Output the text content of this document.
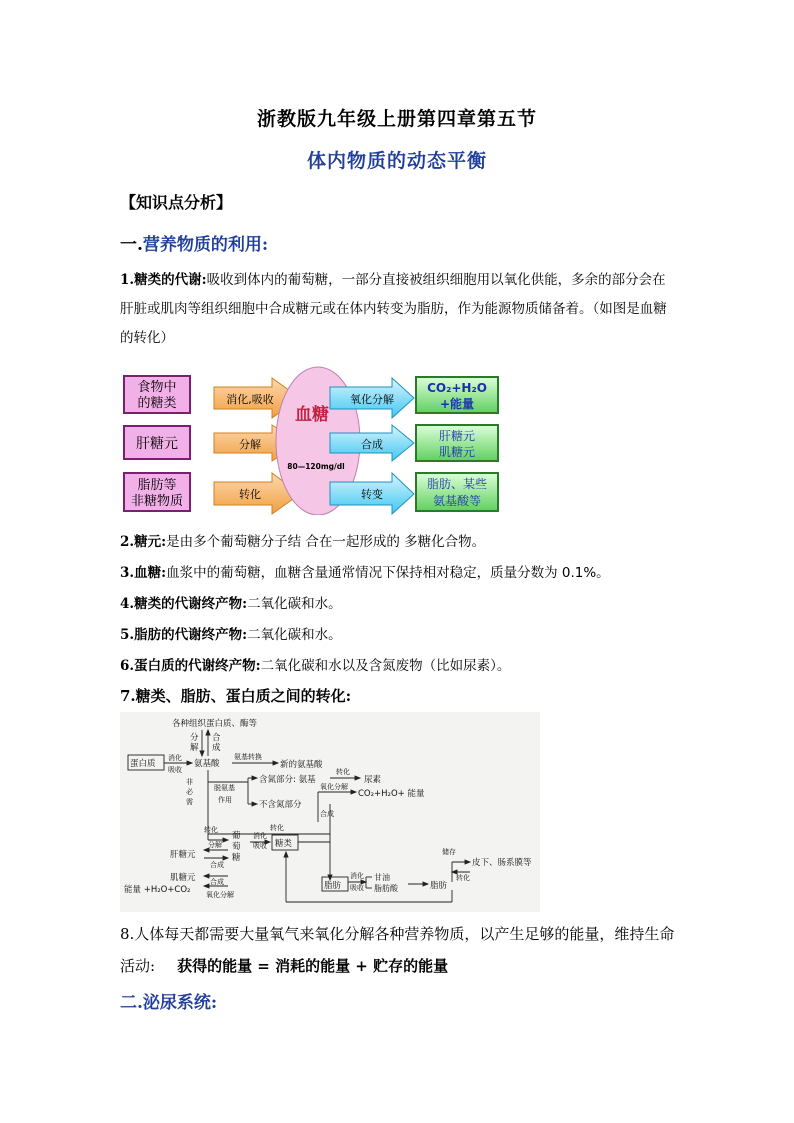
浙教版九年级上册第四章第五节
体内物质的动态平衡
【知识点分析】
一.营养物质的利用:
1.糖类的代谢:吸收到体内的葡萄糖，一部分直接被组织细胞用以氧化供能，多余的部分会在肝脏或肌肉等组织细胞中合成糖元或在体内转变为脂肪，作为能源物质储备着。（如图是血糖的转化）
食物中
的糖类
肝糖元
脂肪等
非糖物质
消化,吸收
分解
转化
血糖
80—120mg/dl
氧化分解
合成
转变
CO₂+H₂O
+能量
肝糖元
肌糖元
脂肪、某些
氨基酸等
2.糖元:是由多个葡萄糖分子结 合在一起形成的 多糖化合物。
3.血糖:血浆中的葡萄糖，血糖含量通常情况下保持相对稳定，质量分数为 0.1%。
4.糖类的代谢终产物:二氧化碳和水。
5.脂肪的代谢终产物:二氧化碳和水。
6.蛋白质的代谢终产物:二氧化碳和水以及含氮废物（比如尿素）。
7.糖类、脂肪、蛋白质之间的转化:
各种组织蛋白质、酶等
分
解
合
成
蛋白质
消化
吸收
氨基酸
氨基转换
新的氨基酸
脱氨基
作用
含氮部分: 氨基
转化
尿素
非
必
需	不含氮部分
氧化分解
CO₂+H₂O+ 能量
合成
转化
转化
葡
萄
糖
消化
吸收 糖类
分解
肝糖元
合成
肌糖元 合成
能量 +H₂O+CO₂ 氧化分解
脂肪
消化
吸收
甘油
脂肪酸	脂肪
储存
皮下、肠系膜等
转化
8.人体每天都需要大量氧气来氧化分解各种营养物质，以产生足够的能量，维持生命活动: 获得的能量 = 消耗的能量 + 贮存的能量
二.泌尿系统:
